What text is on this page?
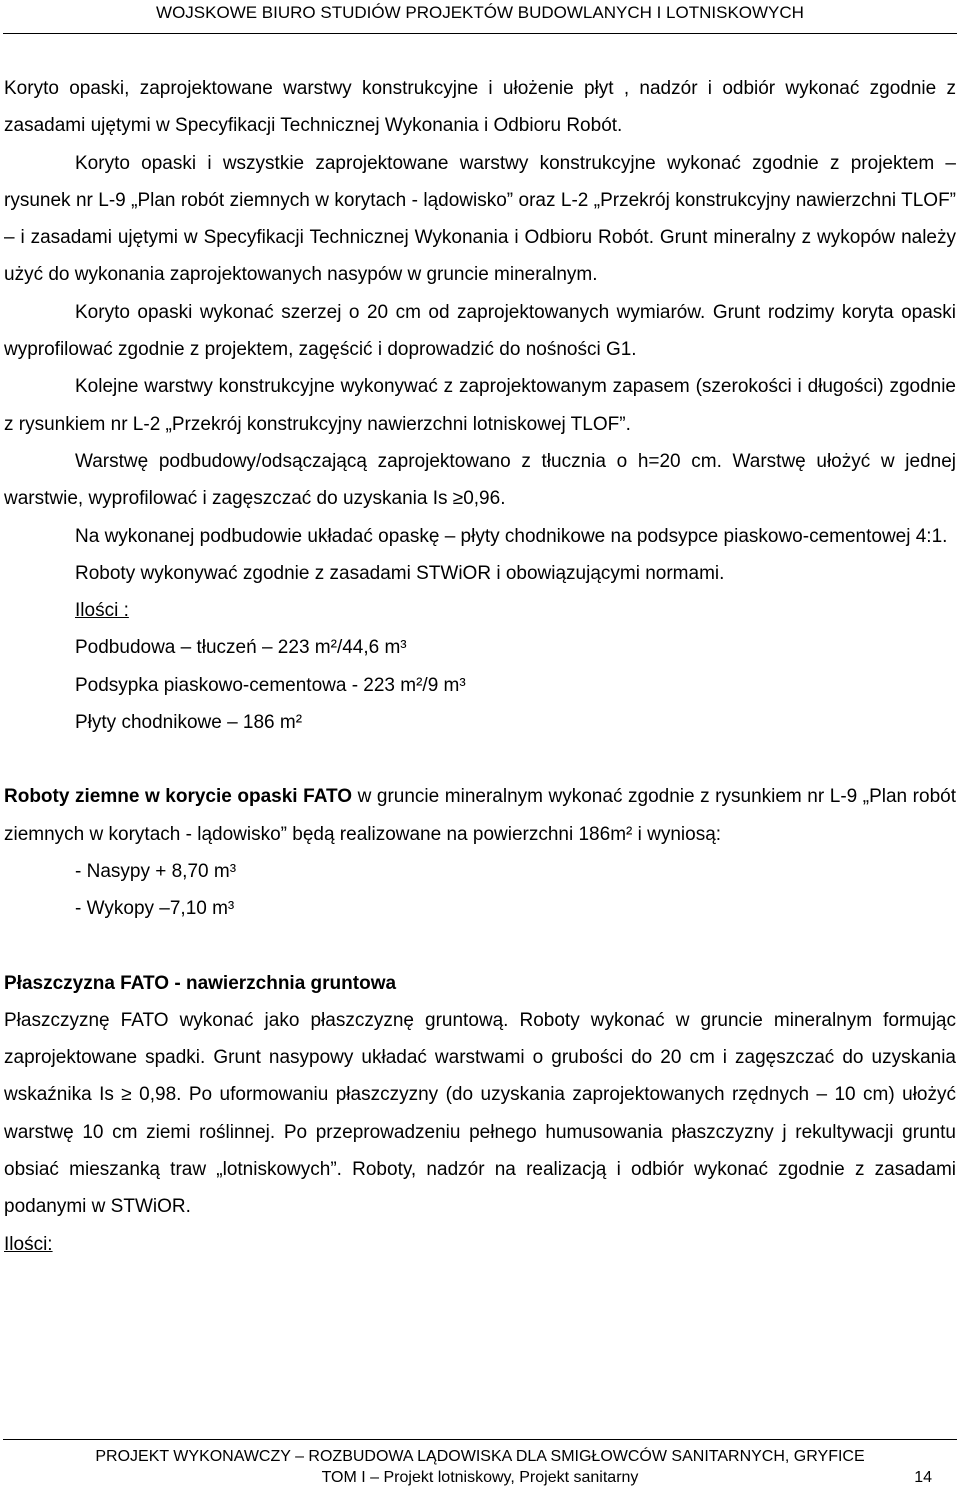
WOJSKOWE BIURO STUDIÓW PROJEKTÓW BUDOWLANYCH I LOTNISKOWYCH

Koryto opaski, zaprojektowane warstwy konstrukcyjne i ułożenie płyt , nadzór i odbiór wykonać zgodnie z zasadami ujętymi w Specyfikacji Technicznej Wykonania i Odbioru Robót.

Koryto opaski i wszystkie zaprojektowane warstwy konstrukcyjne wykonać zgodnie z projektem – rysunek nr L-9 „Plan robót ziemnych w korytach - lądowisko” oraz L-2 „Przekrój konstrukcyjny nawierzchni TLOF” – i zasadami ujętymi w Specyfikacji Technicznej Wykonania i Odbioru Robót. Grunt mineralny z wykopów należy użyć do wykonania zaprojektowanych nasypów w gruncie mineralnym.

Koryto opaski wykonać szerzej o 20 cm od zaprojektowanych wymiarów. Grunt rodzimy koryta opaski wyprofilować zgodnie z projektem, zagęścić i doprowadzić do nośności G1.

Kolejne warstwy konstrukcyjne wykonywać z zaprojektowanym zapasem (szerokości i długości) zgodnie z rysunkiem nr L-2 „Przekrój konstrukcyjny nawierzchni lotniskowej TLOF”.

Warstwę podbudowy/odsączającą zaprojektowano z tłucznia o h=20 cm. Warstwę ułożyć w jednej warstwie, wyprofilować i zagęszczać do uzyskania Is ≥0,96.

Na wykonanej podbudowie układać opaskę – płyty chodnikowe na podsypce piaskowo-cementowej 4:1.

Roboty wykonywać zgodnie z zasadami STWiOR i obowiązującymi normami.

Ilości :

Podbudowa – tłuczeń – 223 m²/44,6 m³

Podsypka piaskowo-cementowa - 223 m²/9 m³

Płyty chodnikowe – 186 m²

Roboty ziemne w korycie opaski FATO w gruncie mineralnym wykonać zgodnie z rysunkiem nr L-9 „Plan robót ziemnych w korytach - lądowisko” będą realizowane na powierzchni 186m² i wyniosą:

- Nasypy + 8,70 m³

- Wykopy –7,10 m³

Płaszczyzna FATO - nawierzchnia gruntowa

Płaszczyznę FATO wykonać jako płaszczyznę gruntową. Roboty wykonać w gruncie mineralnym formując zaprojektowane spadki. Grunt nasypowy układać warstwami o grubości do 20 cm i zagęszczać do uzyskania wskaźnika Is ≥ 0,98. Po uformowaniu płaszczyzny (do uzyskania zaprojektowanych rzędnych – 10 cm) ułożyć warstwę 10 cm ziemi roślinnej. Po przeprowadzeniu pełnego humusowania płaszczyzny j rekultywacji gruntu obsiać mieszanką traw „lotniskowych”. Roboty, nadzór na realizacją i odbiór wykonać zgodnie z zasadami podanymi w STWiOR.

Ilości:

PROJEKT WYKONAWCZY – ROZBUDOWA LĄDOWISKA DLA SMIGŁOWCÓW SANITARNYCH, GRYFICE
TOM I – Projekt lotniskowy, Projekt sanitarny	14
